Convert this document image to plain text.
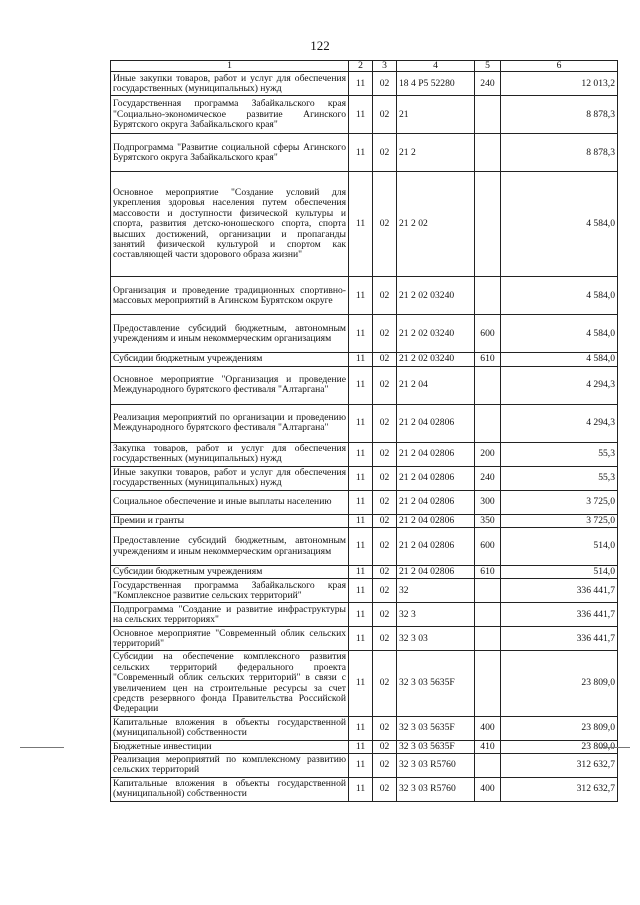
122
1	2	3	4	5	6
Иные закупки товаров, работ и услуг для обеспечения государственных (муниципальных) нужд	11	02	18 4 P5 52280	240	12 013,2
Государственная программа Забайкальского края "Социально-экономическое развитие Агинского Бурятского округа Забайкальского края"	11	02	21		8 878,3
Подпрограмма "Развитие социальной сферы Агинского Бурятского округа Забайкальского края"	11	02	21 2		8 878,3
Основное мероприятие "Создание условий для укрепления здоровья населения путем обеспечения массовости и доступности физической культуры и спорта, развития детско-юношеского спорта, спорта высших достижений, организации и пропаганды занятий физической культурой и спортом как составляющей части здорового образа жизни"	11	02	21 2 02		4 584,0
Организация и проведение традиционных спортивно-массовых мероприятий в Агинском Бурятском округе	11	02	21 2 02 03240		4 584,0
Предоставление субсидий бюджетным, автономным учреждениям и иным некоммерческим организациям	11	02	21 2 02 03240	600	4 584,0
Субсидии бюджетным учреждениям	11	02	21 2 02 03240	610	4 584,0
Основное мероприятие "Организация и проведение Международного бурятского фестиваля "Алтаргана"	11	02	21 2 04		4 294,3
Реализация мероприятий по организации и проведению Международного бурятского фестиваля "Алтаргана"	11	02	21 2 04 02806		4 294,3
Закупка товаров, работ и услуг для обеспечения государственных (муниципальных) нужд	11	02	21 2 04 02806	200	55,3
Иные закупки товаров, работ и услуг для обеспечения государственных (муниципальных) нужд	11	02	21 2 04 02806	240	55,3
Социальное обеспечение и иные выплаты населению	11	02	21 2 04 02806	300	3 725,0
Премии и гранты	11	02	21 2 04 02806	350	3 725,0
Предоставление субсидий бюджетным, автономным учреждениям и иным некоммерческим организациям	11	02	21 2 04 02806	600	514,0
Субсидии бюджетным учреждениям	11	02	21 2 04 02806	610	514,0
Государственная программа Забайкальского края "Комплексное развитие сельских территорий"	11	02	32		336 441,7
Подпрограмма "Создание и развитие инфраструктуры на сельских территориях"	11	02	32 3		336 441,7
Основное мероприятие "Современный облик сельских территорий"	11	02	32 3 03		336 441,7
Субсидии на обеспечение комплексного развития сельских территорий федерального проекта "Современный облик сельских территорий" в связи с увеличением цен на строительные ресурсы за счет средств резервного фонда Правительства Российской Федерации	11	02	32 3 03 5635F		23 809,0
Капитальные вложения в объекты государственной (муниципальной) собственности	11	02	32 3 03 5635F	400	23 809,0
Бюджетные инвестиции	11	02	32 3 03 5635F	410	23 809,0
Реализация мероприятий по комплексному развитию сельских территорий	11	02	32 3 03 R5760		312 632,7
Капитальные вложения в объекты государственной (муниципальной) собственности	11	02	32 3 03 R5760	400	312 632,7
